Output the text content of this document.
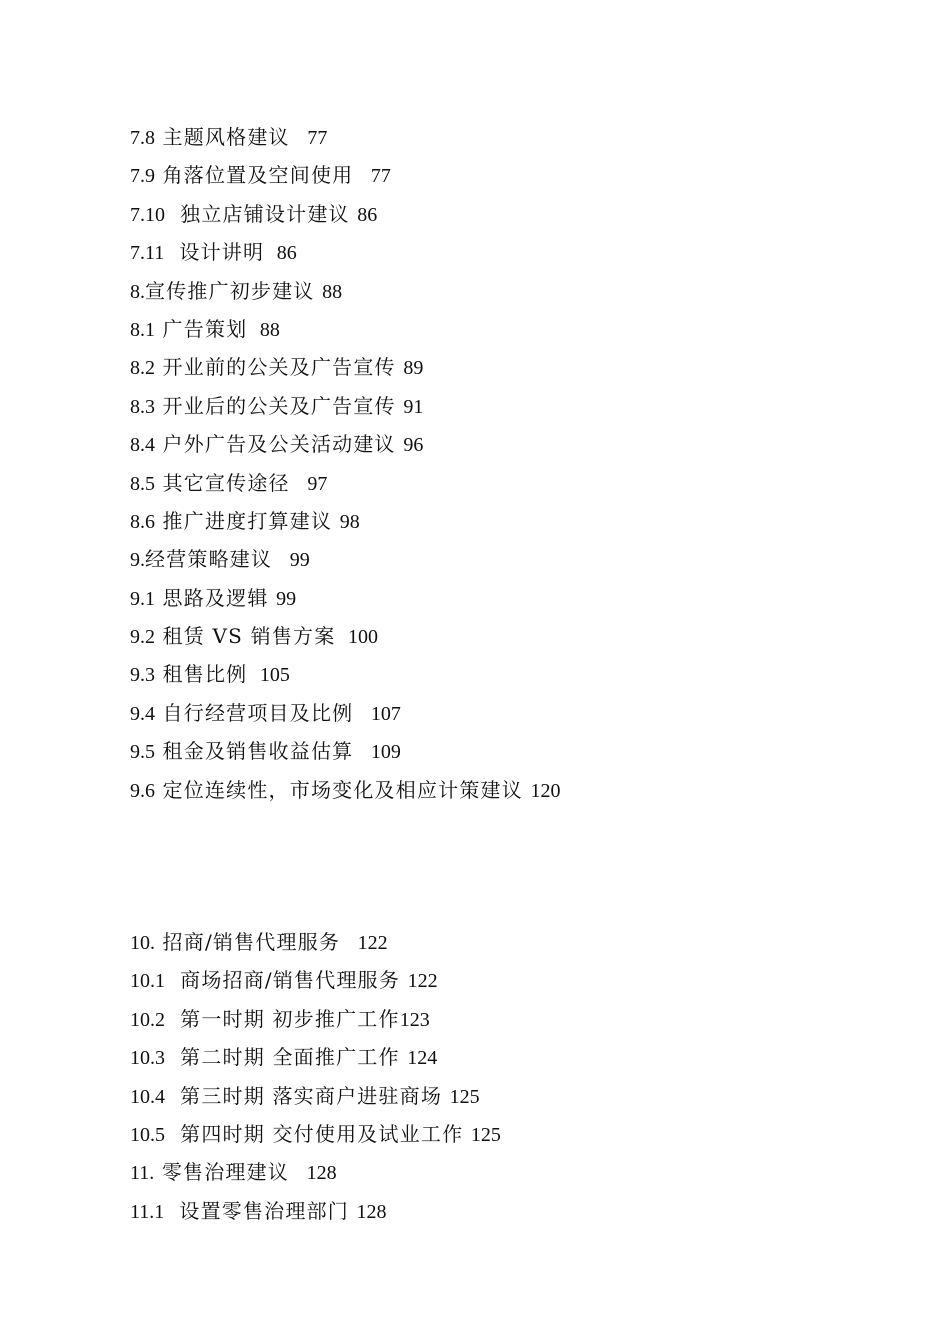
7.8 主题风格建议   77
7.9 角落位置及空间使用   77
7.10  独立店铺设计建议 86
7.11  设计讲明  86
8.宣传推广初步建议 88
8.1 广告策划  88
8.2 开业前的公关及广告宣传 89
8.3 开业后的公关及广告宣传 91
8.4 户外广告及公关活动建议 96
8.5 其它宣传途径   97
8.6 推广进度打算建议 98
9.经营策略建议   99
9.1 思路及逻辑 99
9.2 租赁 VS 销售方案  100
9.3 租售比例  105
9.4 自行经营项目及比例   107
9.5 租金及销售收益估算   109
9.6 定位连续性，市场变化及相应计策建议 120
10. 招商/销售代理服务   122
10.1  商场招商/销售代理服务 122
10.2  第一时期 初步推广工作123
10.3  第二时期 全面推广工作 124
10.4  第三时期 落实商户进驻商场 125
10.5  第四时期 交付使用及试业工作 125
11. 零售治理建议   128
11.1  设置零售治理部门 128
